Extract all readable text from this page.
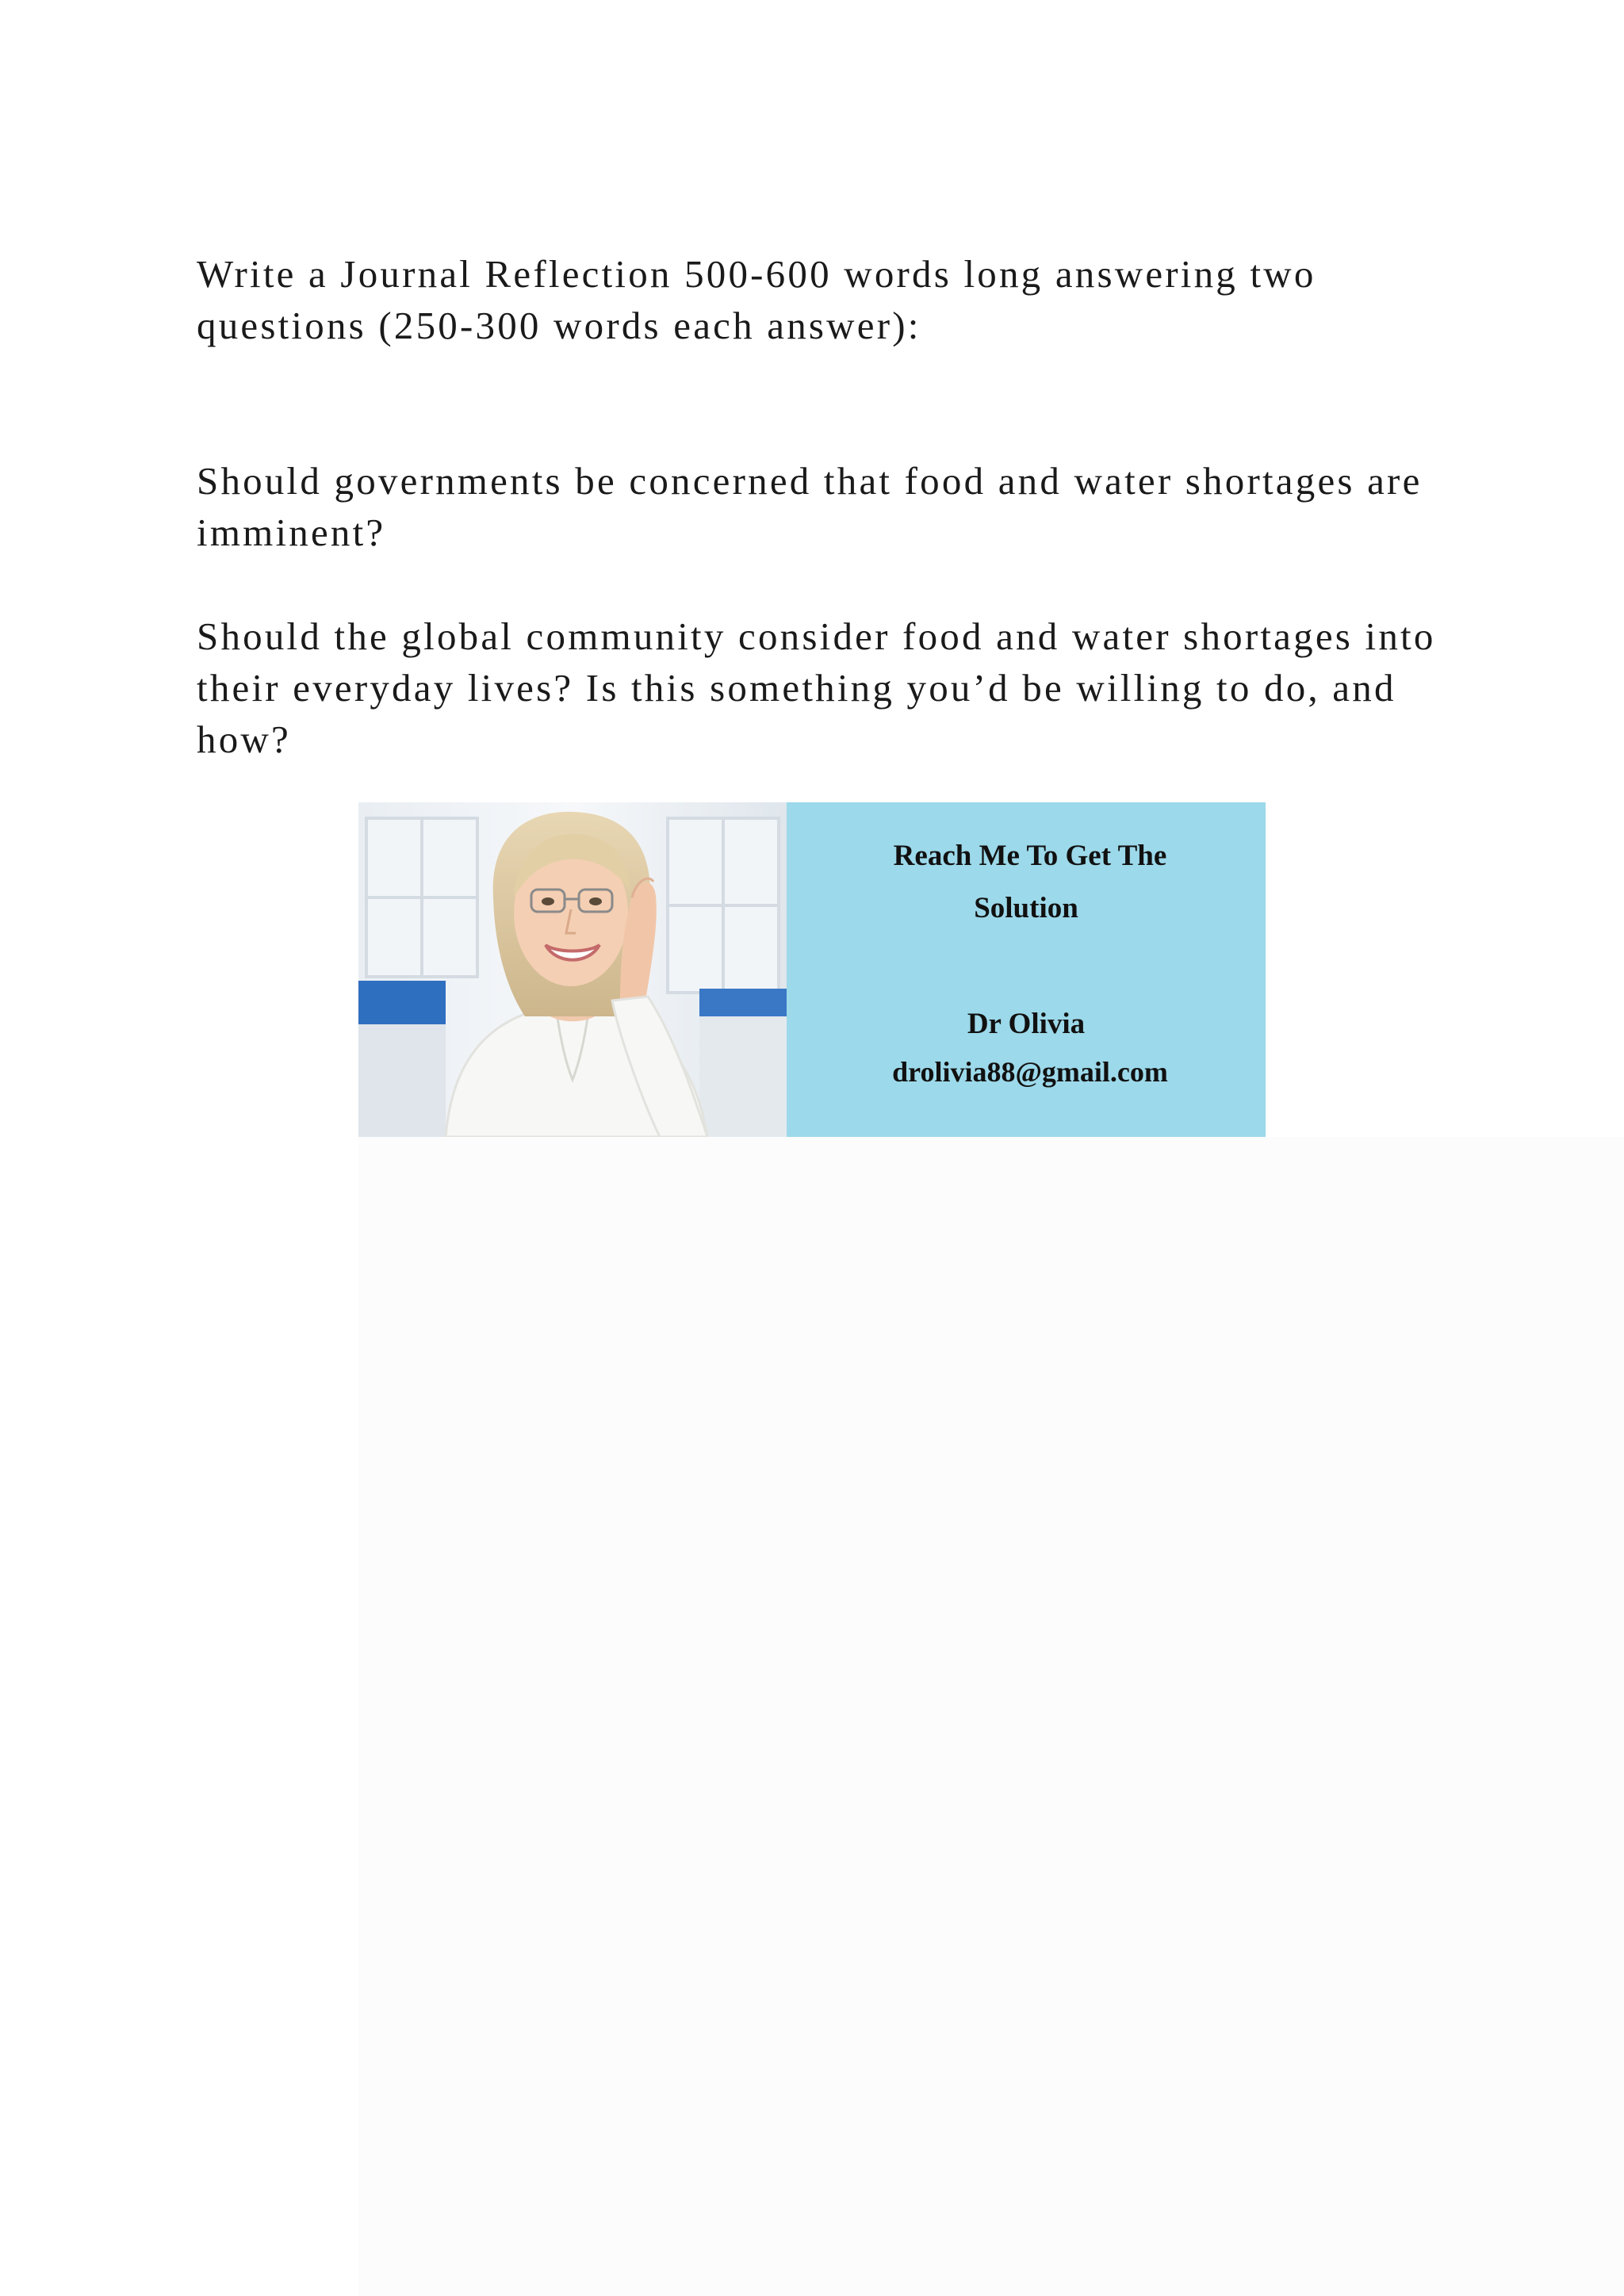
Write a Journal Reflection 500-600 words long answering two questions (250-300 words each answer):

Should governments be concerned that food and water shortages are imminent?

Should the global community consider food and water shortages into their everyday lives? Is this something you’d be willing to do, and how?

Reach Me To Get The
Solution
Dr Olivia
drolivia88@gmail.com
